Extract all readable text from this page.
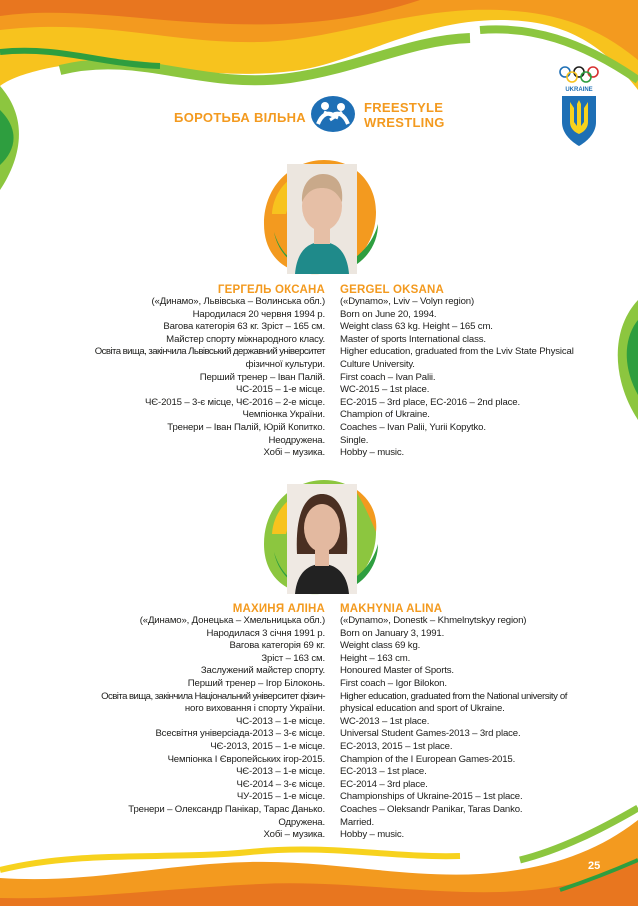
БОРОТЬБА ВІЛЬНА
FREESTYLE
WRESTLING
UKRAINE
ГЕРГЕЛЬ ОКСАНА GERGEL OKSANA
(«Динамо», Львівська – Волинська обл.)
Народилася 20 червня 1994 р.
Вагова категорія 63 кг. Зріст – 165 см.
Майстер спорту міжнародного класу.
Освіта вища, закінчила Львівський державний університет
фізичної культури.
Перший тренер – Іван Палій.
ЧС-2015 – 1-е місце.
ЧЄ-2015 – 3-є місце, ЧЄ-2016 – 2-е місце.
Чемпіонка України.
Тренери – Іван Палій, Юрій Копитко.
Неодружена.
Хобі – музика.
(«Dynamo», Lviv – Volyn region)
Born on June 20, 1994.
Weight class 63 kg. Height – 165 cm.
Master of sports International class.
Higher education, graduated from the Lviv State Physical
Culture University.
First coach – Ivan Palii.
WC-2015 – 1st place.
EC-2015 – 3rd place, EC-2016 – 2nd place.
Champion of Ukraine.
Coaches – Ivan Palii, Yurii Kopytko.
Single.
Hobby – music.
МАХИНЯ АЛІНА MAKHYNIA ALINA
(«Динамо», Донецька – Хмельницька обл.)
Народилася 3 січня 1991 р.
Вагова категорія 69 кг.
Зріст – 163 см.
Заслужений майстер спорту.
Перший тренер – Ігор Білоконь.
Освіта вища, закінчила Національний університет фізич-
ного виховання і спорту України.
ЧС-2013 – 1-е місце.
Всесвітня універсіада-2013 – 3-є місце.
ЧЄ-2013, 2015 – 1-е місце.
Чемпіонка І Європейських ігор-2015.
ЧЄ-2013 – 1-е місце.
ЧЄ-2014 – 3-є місце.
ЧУ-2015 – 1-е місце.
Тренери – Олександр Панікар, Тарас Данько.
Одружена.
Хобі – музика.
(«Dynamo», Donestk – Khmelnytskyy region)
Born on January 3, 1991.
Weight class 69 kg.
Height – 163 cm.
Honoured Master of Sports.
First coach – Igor Bilokon.
Higher education, graduated from the National university of
physical education and sport of Ukraine.
WC-2013 – 1st place.
Universal Student Games-2013 – 3rd place.
EC-2013, 2015 – 1st place.
Champion of the I European Games-2015.
EC-2013 – 1st place.
EC-2014 – 3rd place.
Championships of Ukraine-2015 – 1st place.
Coaches – Oleksandr Panikar, Taras Danko.
Married.
Hobby – music.
25
